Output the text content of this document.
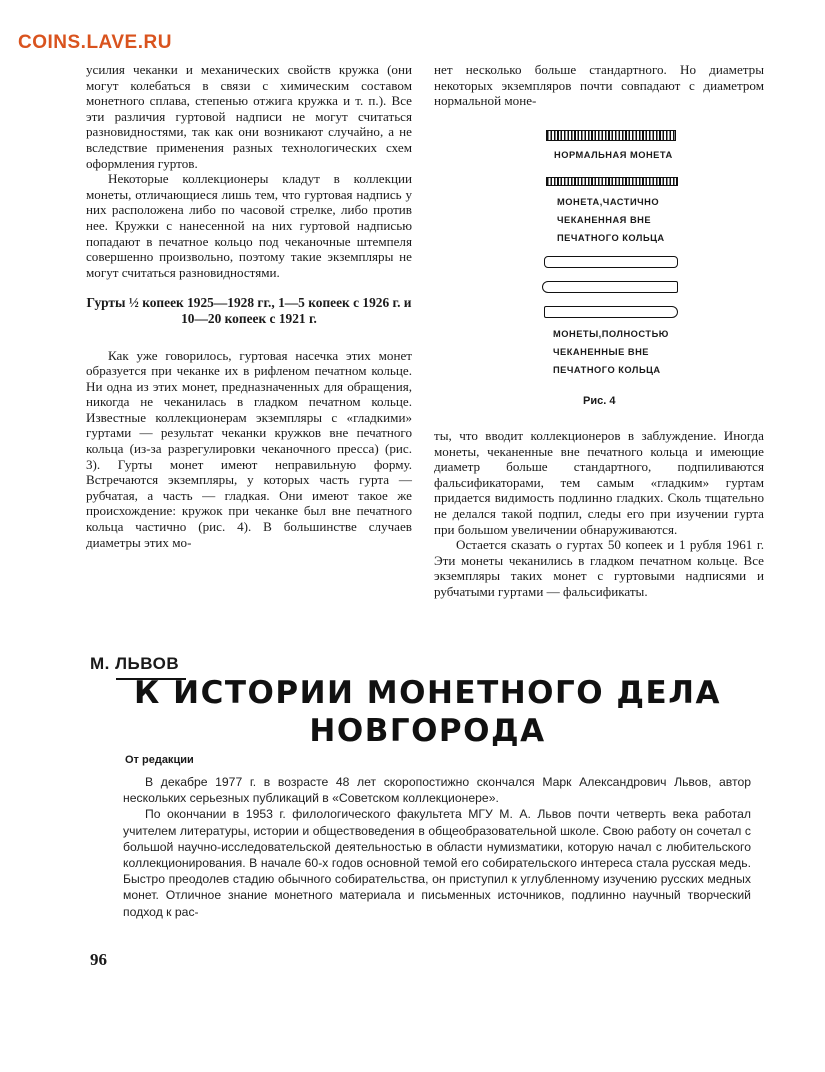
COINS.LAVE.RU

усилия чеканки и механических свойств кружка (они могут колебаться в связи с химическим составом монетного сплава, степенью отжига кружка и т. п.). Все эти различия гуртовой надписи не могут считаться разновидностями, так как они возникают случайно, а не вследствие применения разных технологических схем оформления гуртов.

Некоторые коллекционеры кладут в коллекции монеты, отличающиеся лишь тем, что гуртовая надпись у них расположена либо по часовой стрелке, либо против нее. Кружки с нанесенной на них гуртовой надписью попадают в печатное кольцо под чеканочные штемпеля совершенно произвольно, поэтому такие экземпляры не могут считаться разновидностями.

Гурты ½ копеек 1925—1928 гг., 1—5 копеек с 1926 г. и 10—20 копеек с 1921 г.

Как уже говорилось, гуртовая насечка этих монет образуется при чеканке их в рифленом печатном кольце. Ни одна из этих монет, предназначенных для обращения, никогда не чеканилась в гладком печатном кольце. Известные коллекционерам экземпляры с «гладкими» гуртами — результат чеканки кружков вне печатного кольца (из-за разрегулировки чеканочного пресса) (рис. 3). Гурты монет имеют неправильную форму. Встречаются экземпляры, у которых часть гурта — рубчатая, а часть — гладкая. Они имеют такое же происхождение: кружок при чеканке был вне печатного кольца частично (рис. 4). В большинстве случаев диаметры этих мо-

нет несколько больше стандартного. Но диаметры некоторых экземпляров почти совпадают с диаметром нормальной моне-

НОРМАЛЬНАЯ МОНЕТА
МОНЕТА,ЧАСТИЧНО
ЧЕКАНЕННАЯ ВНЕ
ПЕЧАТНОГО КОЛЬЦА
МОНЕТЫ,ПОЛНОСТЬЮ
ЧЕКАНЕННЫЕ ВНЕ
ПЕЧАТНОГО КОЛЬЦА
Рис. 4

ты, что вводит коллекционеров в заблуждение. Иногда монеты, чеканенные вне печатного кольца и имеющие диаметр больше стандартного, подпиливаются фальсификаторами, тем самым «гладким» гуртам придается видимость подлинно гладких. Сколь тщательно не делался такой подпил, следы его при изучении гурта при большом увеличении обнаруживаются.

Остается сказать о гуртах 50 копеек и 1 рубля 1961 г. Эти монеты чеканились в гладком печатном кольце. Все экземпляры таких монет с гуртовыми надписями и рубчатыми гуртами — фальсификаты.

М. ЛЬВОВ
К ИСТОРИИ МОНЕТНОГО ДЕЛА НОВГОРОДА
От редакции

В декабре 1977 г. в возрасте 48 лет скоропостижно скончался Марк Александрович Львов, автор нескольких серьезных публикаций в «Советском коллекционере».

По окончании в 1953 г. филологического факультета МГУ М. А. Львов почти четверть века работал учителем литературы, истории и обществоведения в общеобразовательной школе. Свою работу он сочетал с большой научно-исследовательской деятельностью в области нумизматики, которую начал с любительского коллекционирования. В начале 60-х годов основной темой его собирательского интереса стала русская медь. Быстро преодолев стадию обычного собирательства, он приступил к углубленному изучению русских медных монет. Отличное знание монетного материала и письменных источников, подлинно научный творческий подход к рас-

96
